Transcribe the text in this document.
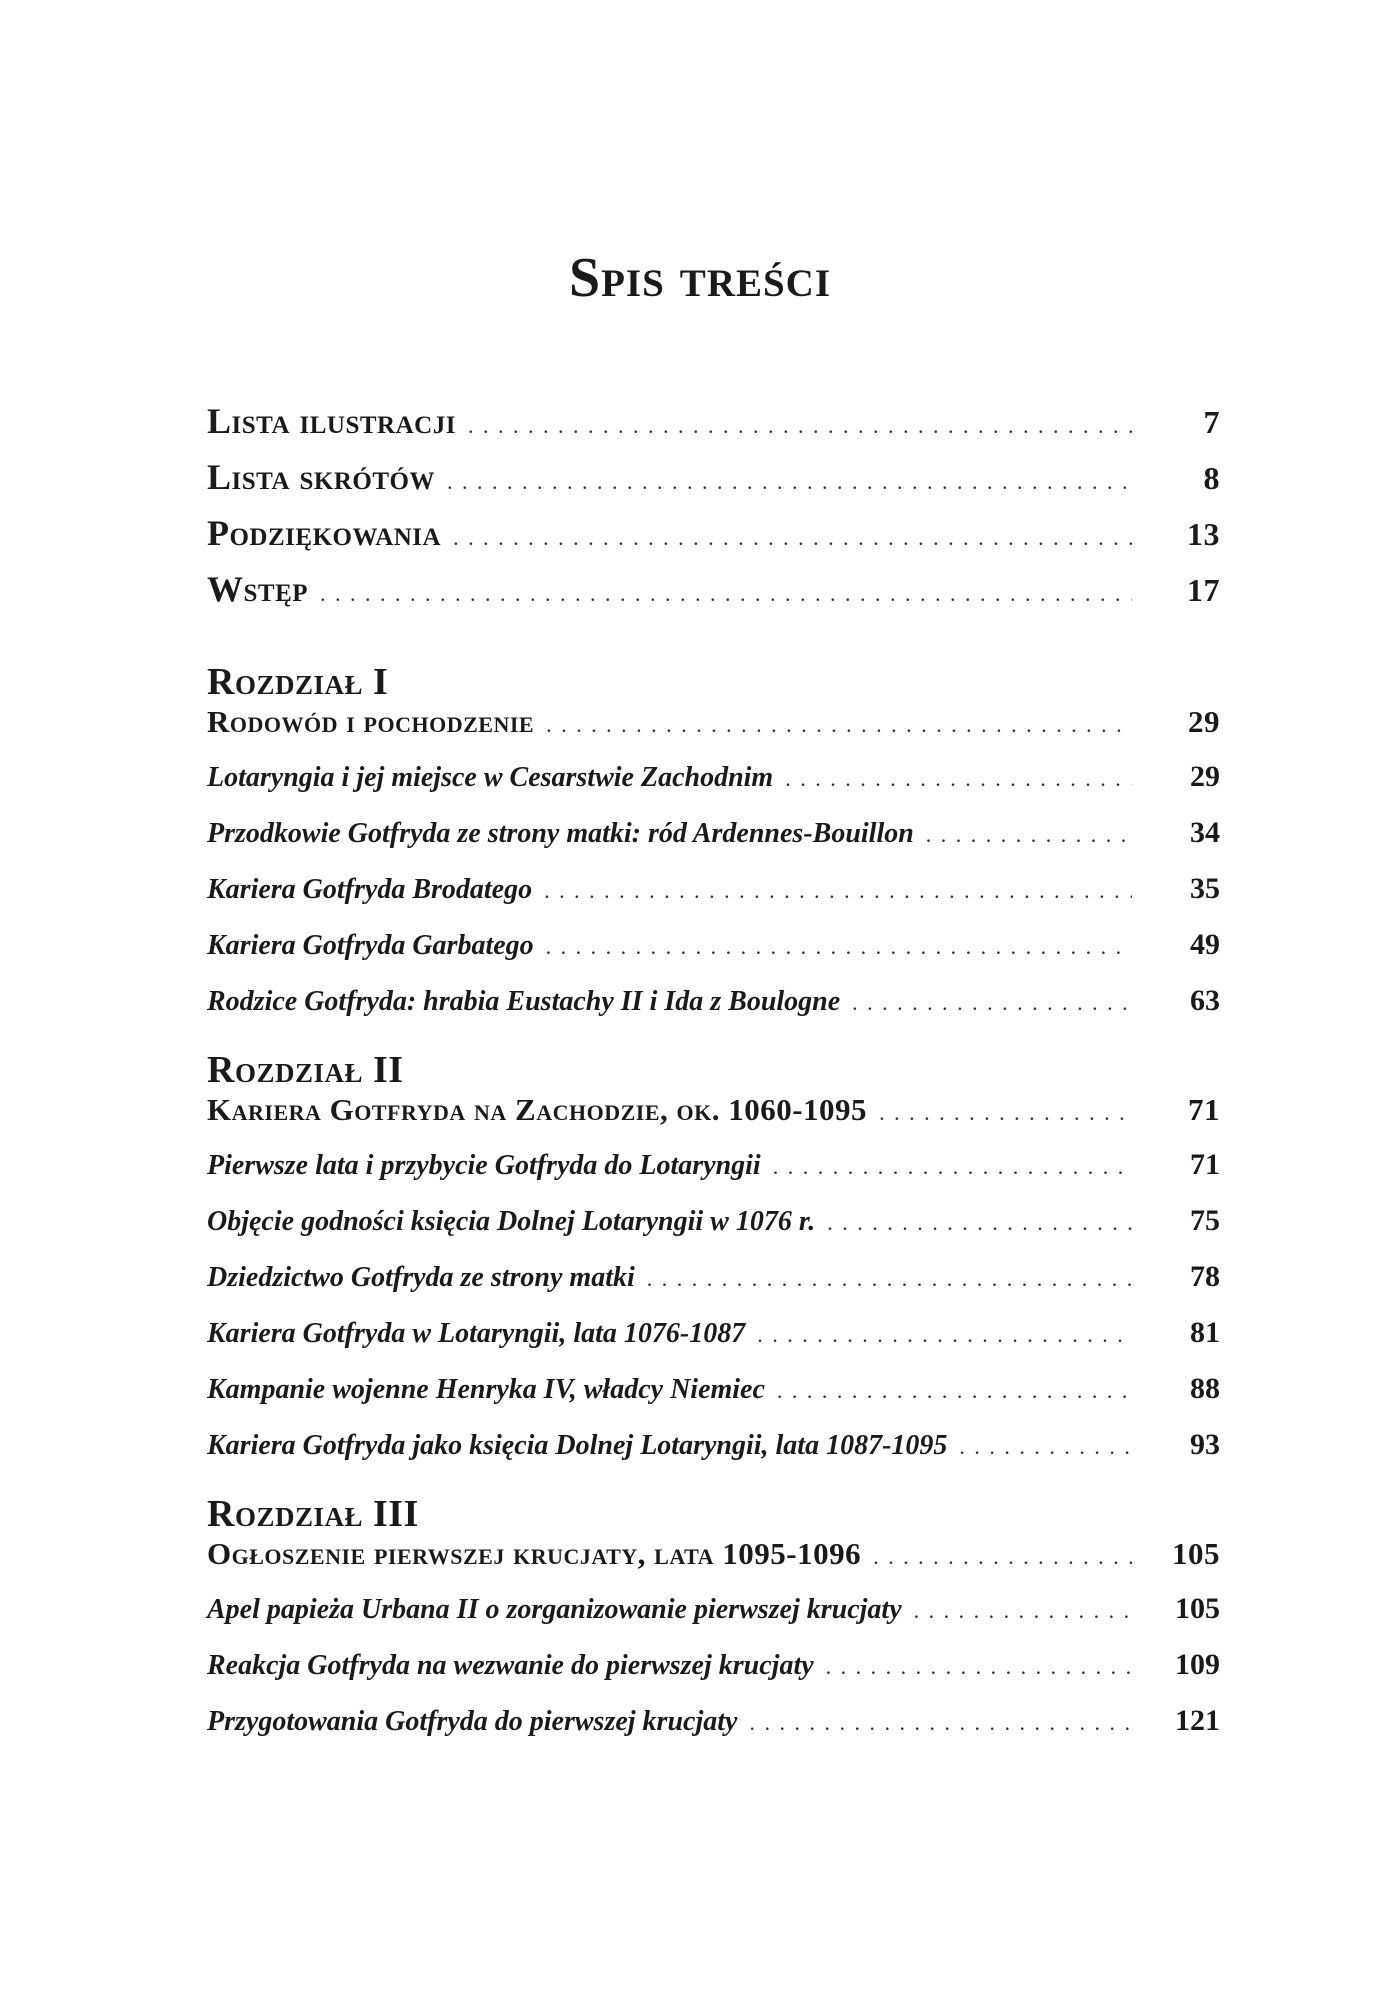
Spis treści
Lista ilustracji . . .	7
Lista skrótów . . .	8
Podziękowania . . .	13
Wstęp . . .	17
Rozdział I
Rodowód i pochodzenie . . .	29
Lotaryngia i jej miejsce w Cesarstwie Zachodnim . . .	29
Przodkowie Gotfryda ze strony matki: ród Ardennes-Bouillon . . .	34
Kariera Gotfryda Brodatego . . .	35
Kariera Gotfryda Garbatego . . .	49
Rodzice Gotfryda: hrabia Eustachy II i Ida z Boulogne . . .	63
Rozdział II
Kariera Gotfryda na Zachodzie, ok. 1060-1095 . . .	71
Pierwsze lata i przybycie Gotfryda do Lotaryngii . . .	71
Objęcie godności księcia Dolnej Lotaryngii w 1076 r. . . .	75
Dziedzictwo Gotfryda ze strony matki . . .	78
Kariera Gotfryda w Lotaryngii, lata 1076-1087 . . .	81
Kampanie wojenne Henryka IV, władcy Niemiec . . .	88
Kariera Gotfryda jako księcia Dolnej Lotaryngii, lata 1087-1095 . . .	93
Rozdział III
Ogłoszenie pierwszej krucjaty, lata 1095-1096 . . .	105
Apel papieża Urbana II o zorganizowanie pierwszej krucjaty . . .	105
Reakcja Gotfryda na wezwanie do pierwszej krucjaty . . .	109
Przygotowania Gotfryda do pierwszej krucjaty . . .	121
